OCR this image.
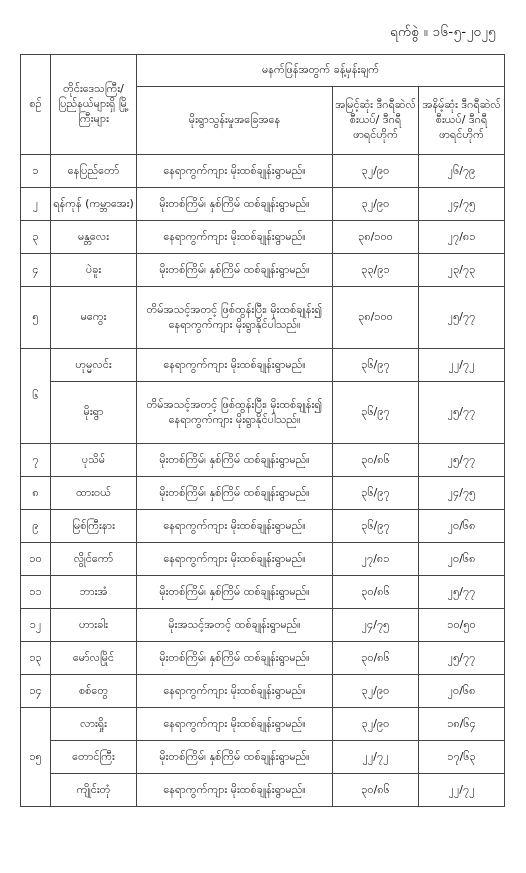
ရက်စွဲ ။ ၁၆-၅-၂၀၂၅
စဉ်	တိုင်းဒေသကြီး/ ပြည်နယ်များရှိ မြို့ကြီးများ	မနက်ဖြန်အတွက် ခန့်မှန်းချက်		
		မိုးရွာသွန်းမှုအခြေအနေ	အမြင့်ဆုံး ဒီဂရီဆဲလ်စီးယပ်/ ဒီဂရီဖာရင်ဟိုက်	အနိမ့်ဆုံး ဒီဂရီဆဲလ်စီးယပ်/ ဒီဂရီဖာရင်ဟိုက်
၁	နေပြည်တော်	နေရာကွက်ကျား မိုးထစ်ချုန်းရွာမည်။	၃၂/၉၀	၂၆/၇၉
၂	ရန်ကုန် (ကမ္ဘာအေး)	မိုးတစ်ကြိမ်၊ နှစ်ကြိမ် ထစ်ချုန်းရွာမည်။	၃၂/၉၀	၂၄/၇၅
၃	မန္တလေး	နေရာကွက်ကျား မိုးထစ်ချုန်းရွာမည်။	၃၈/၁၀၀	၂၇/၈၁
၄	ပဲခူး	မိုးတစ်ကြိမ်၊ နှစ်ကြိမ် ထစ်ချုန်းရွာမည်။	၃၃/၉၁	၂၃/၇၃
၅	မကွေး	တိမ်အသင့်အတင့် ဖြစ်ထွန်းပြီး၊ မိုးထစ်ချုန်း၍ နေရာကွက်ကျား မိုးရွာနိုင်ပါသည်။	၃၈/၁၀၀	၂၅/၇၇
၆	ဟုမ္မလင်း	နေရာကွက်ကျား မိုးထစ်ချုန်းရွာမည်။	၃၆/၉၇	၂၂/၇၂
	မိုးရွာ	တိမ်အသင့်အတင့် ဖြစ်ထွန်းပြီး၊ မိုးထစ်ချုန်း၍ နေရာကွက်ကျား မိုးရွာနိုင်ပါသည်။	၃၆/၉၇	၂၅/၇၇
၇	ပုသိမ်	မိုးတစ်ကြိမ်၊ နှစ်ကြိမ် ထစ်ချုန်းရွာမည်။	၃၀/၈၆	၂၅/၇၇
၈	ထားဝယ်	မိုးတစ်ကြိမ်၊ နှစ်ကြိမ် ထစ်ချုန်းရွာမည်။	၃၆/၉၇	၂၄/၇၅
၉	မြစ်ကြီးနား	နေရာကွက်ကျား မိုးထစ်ချုန်းရွာမည်။	၃၆/၉၇	၂၀/၆၈
၁၀	လွိုင်ကော်	နေရာကွက်ကျား မိုးထစ်ချုန်းရွာမည်။	၂၇/၈၁	၂၀/၆၈
၁၁	ဘားအံ	မိုးတစ်ကြိမ်၊ နှစ်ကြိမ် ထစ်ချုန်းရွာမည်။	၃၀/၈၆	၂၅/၇၇
၁၂	ဟားခါး	မိုးအသင့်အတင့် ထစ်ချုန်းရွာမည်။	၂၄/၇၅	၁၀/၅၀
၁၃	မော်လမြိုင်	မိုးတစ်ကြိမ်၊ နှစ်ကြိမ် ထစ်ချုန်းရွာမည်။	၃၀/၈၆	၂၅/၇၇
၁၄	စစ်တွေ	နေရာကွက်ကျား မိုးထစ်ချုန်းရွာမည်။	၃၂/၉၀	၂၀/၆၈
၁၅	လားရှိုး	နေရာကွက်ကျား မိုးထစ်ချုန်းရွာမည်။	၃၂/၉၀	၁၈/၆၄
	တောင်ကြီး	မိုးတစ်ကြိမ်၊ နှစ်ကြိမ် ထစ်ချုန်းရွာမည်။	၂၂/၇၂	၁၇/၆၃
	ကျိုင်းတုံ	နေရာကွက်ကျား မိုးထစ်ချုန်းရွာမည်။	၃၀/၈၆	၂၂/၇၂
